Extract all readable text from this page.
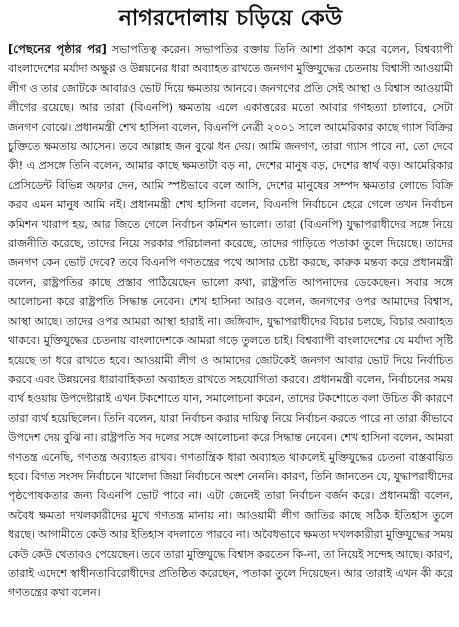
নাগরদোলায় চড়িয়ে কেউ
[পেছনের পৃষ্ঠার পর] সভাপতিত্ব করেন। সভাপতির বক্তায় তিনি আশা প্রকাশ করে বলেন, বিশ্বব্যাপী বাংলাদেশের মর্যাদা অক্ষুণ্ণ ও উন্নয়নের ধারা অব্যাহত রাখতে জনগণ মুক্তিযুদ্ধের চেতনায় বিশ্বাসী আওয়ামী লীগ ও তার জোটকে আবারও ভোট দিয়ে ক্ষমতায় আনবে। জনগণের প্রতি সেই আস্থা ও বিশ্বাস আওয়ামী লীগের রয়েছে। আর তারা (বিএনপি) ক্ষমতায় এলে একাত্তরের মতো আবার গণহত্যা চালাবে, সেটা জনগণ বোঝে। প্রধানমন্ত্রী শেখ হাসিনা বলেন, বিএনপি নেত্রী ২০০১ সালে আমেরিকার কাছে গ্যাস বিক্রির চুক্তিতে ক্ষমতায় আসেন। তবে আল্লাহ জন বুঝে ধন দেয়। আমি জনগণ, তারা গ্যাস পাবে না, তো দেবে কী! এ প্রসঙ্গে তিনি বলেন, আমার কাছে ক্ষমতাটা বড় না, দেশের মানুষ বড়, দেশের স্বার্থ বড়। আমেরিকার প্রেসিডেন্ট বিভিন্ন অফার দেন, আমি স্পষ্টভাবে বলে আসি, দেশের মানুষের সম্পদ ক্ষমতার লোভে বিক্রি করব এমন মানুষ আমি নই। প্রধানমন্ত্রী শেখ হাসিনা বলেন, বিএনপি নির্বাচনে হেরে গেলে তখন নির্বাচন কমিশন খারাপ হয়, আর জিতে গেলে নির্বাচন কমিশন ভালো। তারা (বিএনপি) যুদ্ধাপরাধীদের সঙ্গে নিয়ে রাজনীতি করেছে, তাদের নিয়ে সরকার পরিচালনা করেছে, তাদের গাড়িতে পতাকা তুলে দিয়েছে। তাদের জনগণ কেন ভোট দেবে? তবে বিএনপি গণতন্ত্রের পথে আসার চেষ্টা করছে, কারুক মন্তব্য করে প্রধানমন্ত্রী বলেন, রাষ্ট্রপতির কাছে প্রস্তাব পাঠিয়েছেন ভালো কথা, রাষ্ট্রপতি আপনাদের ডেকেছেন। সবার সঙ্গে আলোচনা করে রাষ্ট্রপতি সিদ্ধান্ত নেবেন। শেখ হাসিনা আরও বলেন, জনগণের ওপর আমাদের বিশ্বাস, আস্থা আছে। তাদের ওপর আমরা আস্থা হারাই না। জঙ্গিবাদ, যুদ্ধাপরাধীদের বিচার চলছে, বিচার অব্যাহত থাকবে। মুক্তিযুদ্ধের চেতনায় বাংলাদেশকে আমরা গড়ে তুলতে চাই। বিশ্বব্যাপী বাংলাদেশের যে মর্যাদা সৃষ্টি হয়েছে তা ধরে রাখতে হবে। আওয়ামী লীগ ও আমাদের জোটকেই জনগণ আবার ভোট দিয়ে নির্বাচিত করবে এবং উন্নয়নের ধারাবাহিকতা অব্যাহত রাখতে সহযোগিতা করবে। প্রধানমন্ত্রী বলেন, নির্বাচনের সময় ব্যর্থ হওয়ায় উপদেষ্টারাই এখন টকশোতে যান, সমালোচনা করেন, তাদের টকশোতে বলা উচিত কী কারণে তারা ব্যর্থ হয়েছিলেন। তিনি বলেন, যারা নির্বাচন করার দায়িত্ব নিয়ে নির্বাচন করতে পারে না তারা কীভাবে উপদেশ দেয় বুঝি না। রাষ্ট্রপতি সব দলের সঙ্গে আলোচনা করে সিদ্ধান্ত নেবেন। শেখ হাসিনা বলেন, আমরা গণতন্ত্র এনেছি, গণতন্ত্র অব্যাহত রাখব। গণতান্ত্রিক ধারা অব্যাহত থাকলেই মুক্তিযুদ্ধের চেতনা বাস্তবায়িত হবে। বিগত সংসদ নির্বাচনে খালেদা জিয়া নির্বাচনে অংশ নেননি। কারণ, তিনি জানতেন যে, যুদ্ধাপরাধীদের পৃষ্ঠপোষকতার জন্য বিএনপি ভোট পাবে না। এটা জেনেই তারা নির্বাচন বর্জন করে। প্রধানমন্ত্রী বলেন, অবৈধ ক্ষমতা দখলকারীদের মুখে গণতন্ত্র মানায় না। আওয়ামী লীগ জাতির কাছে সঠিক ইতিহাস তুলে ধরছে। আগামীতে কেউ আর ইতিহাস বদলাতে পারবে না। অবৈধভাবে ক্ষমতা দখলকারীরা মুক্তিযুদ্ধের সময় কেউ কেউ থেতাবও পেয়েছেন। তবে তারা মুক্তিযুদ্ধে বিশ্বাস করতেন কি-না, তা নিয়েই সন্দেহ আছে। কারণ, তারাই এদেশে স্বাধীনতাবিরোধীদের প্রতিষ্ঠিত করেছেন, পতাকা তুলে দিয়েছেন। আর তারাই এখন কী করে গণতন্ত্রের কথা বলেন।
